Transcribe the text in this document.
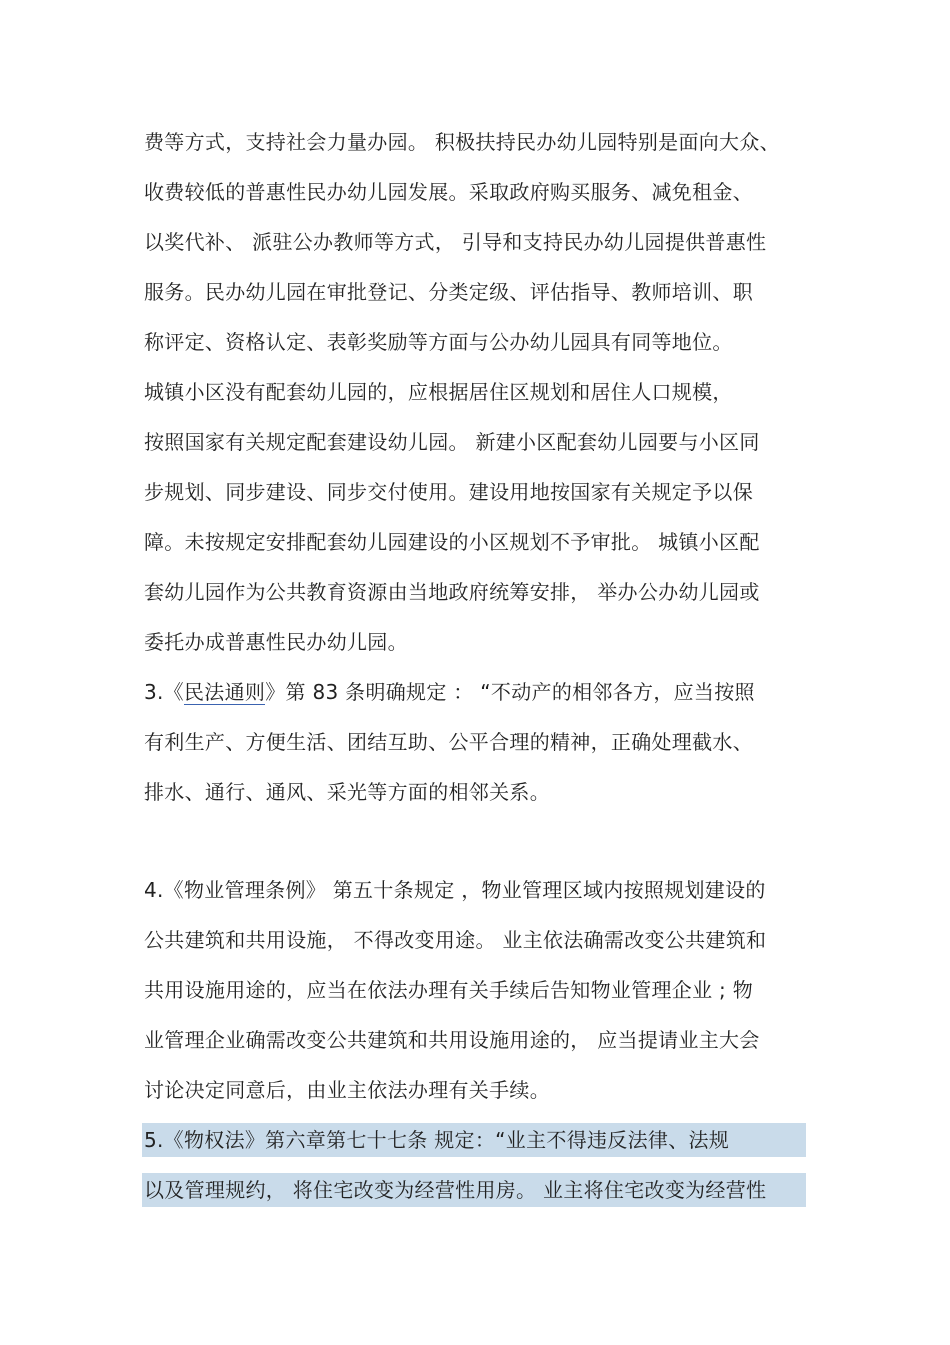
费等方式，支持社会力量办园。 积极扶持民办幼儿园特别是面向大众、
收费较低的普惠性民办幼儿园发展。采取政府购买服务、减免租金、
以奖代补、 派驻公办教师等方式， 引导和支持民办幼儿园提供普惠性
服务。民办幼儿园在审批登记、分类定级、评估指导、教师培训、职
称评定、资格认定、表彰奖励等方面与公办幼儿园具有同等地位。
城镇小区没有配套幼儿园的，应根据居住区规划和居住人口规模，
按照国家有关规定配套建设幼儿园。 新建小区配套幼儿园要与小区同
步规划、同步建设、同步交付使用。建设用地按国家有关规定予以保
障。未按规定安排配套幼儿园建设的小区规划不予审批。 城镇小区配
套幼儿园作为公共教育资源由当地政府统筹安排， 举办公办幼儿园或
委托办成普惠性民办幼儿园。
3.《民法通则》第 83 条明确规定 ： “不动产的相邻各方，应当按照
有利生产、方便生活、团结互助、公平合理的精神，正确处理截水、
排水、通行、通风、采光等方面的相邻关系。
4.《物业管理条例》 第五十条规定 ，物业管理区域内按照规划建设的
公共建筑和共用设施， 不得改变用途。 业主依法确需改变公共建筑和
共用设施用途的，应当在依法办理有关手续后告知物业管理企业 ; 物
业管理企业确需改变公共建筑和共用设施用途的， 应当提请业主大会
讨论决定同意后，由业主依法办理有关手续。
5.《物权法》第六章第七十七条 规定：“业主不得违反法律、法规
以及管理规约， 将住宅改变为经营性用房。 业主将住宅改变为经营性
